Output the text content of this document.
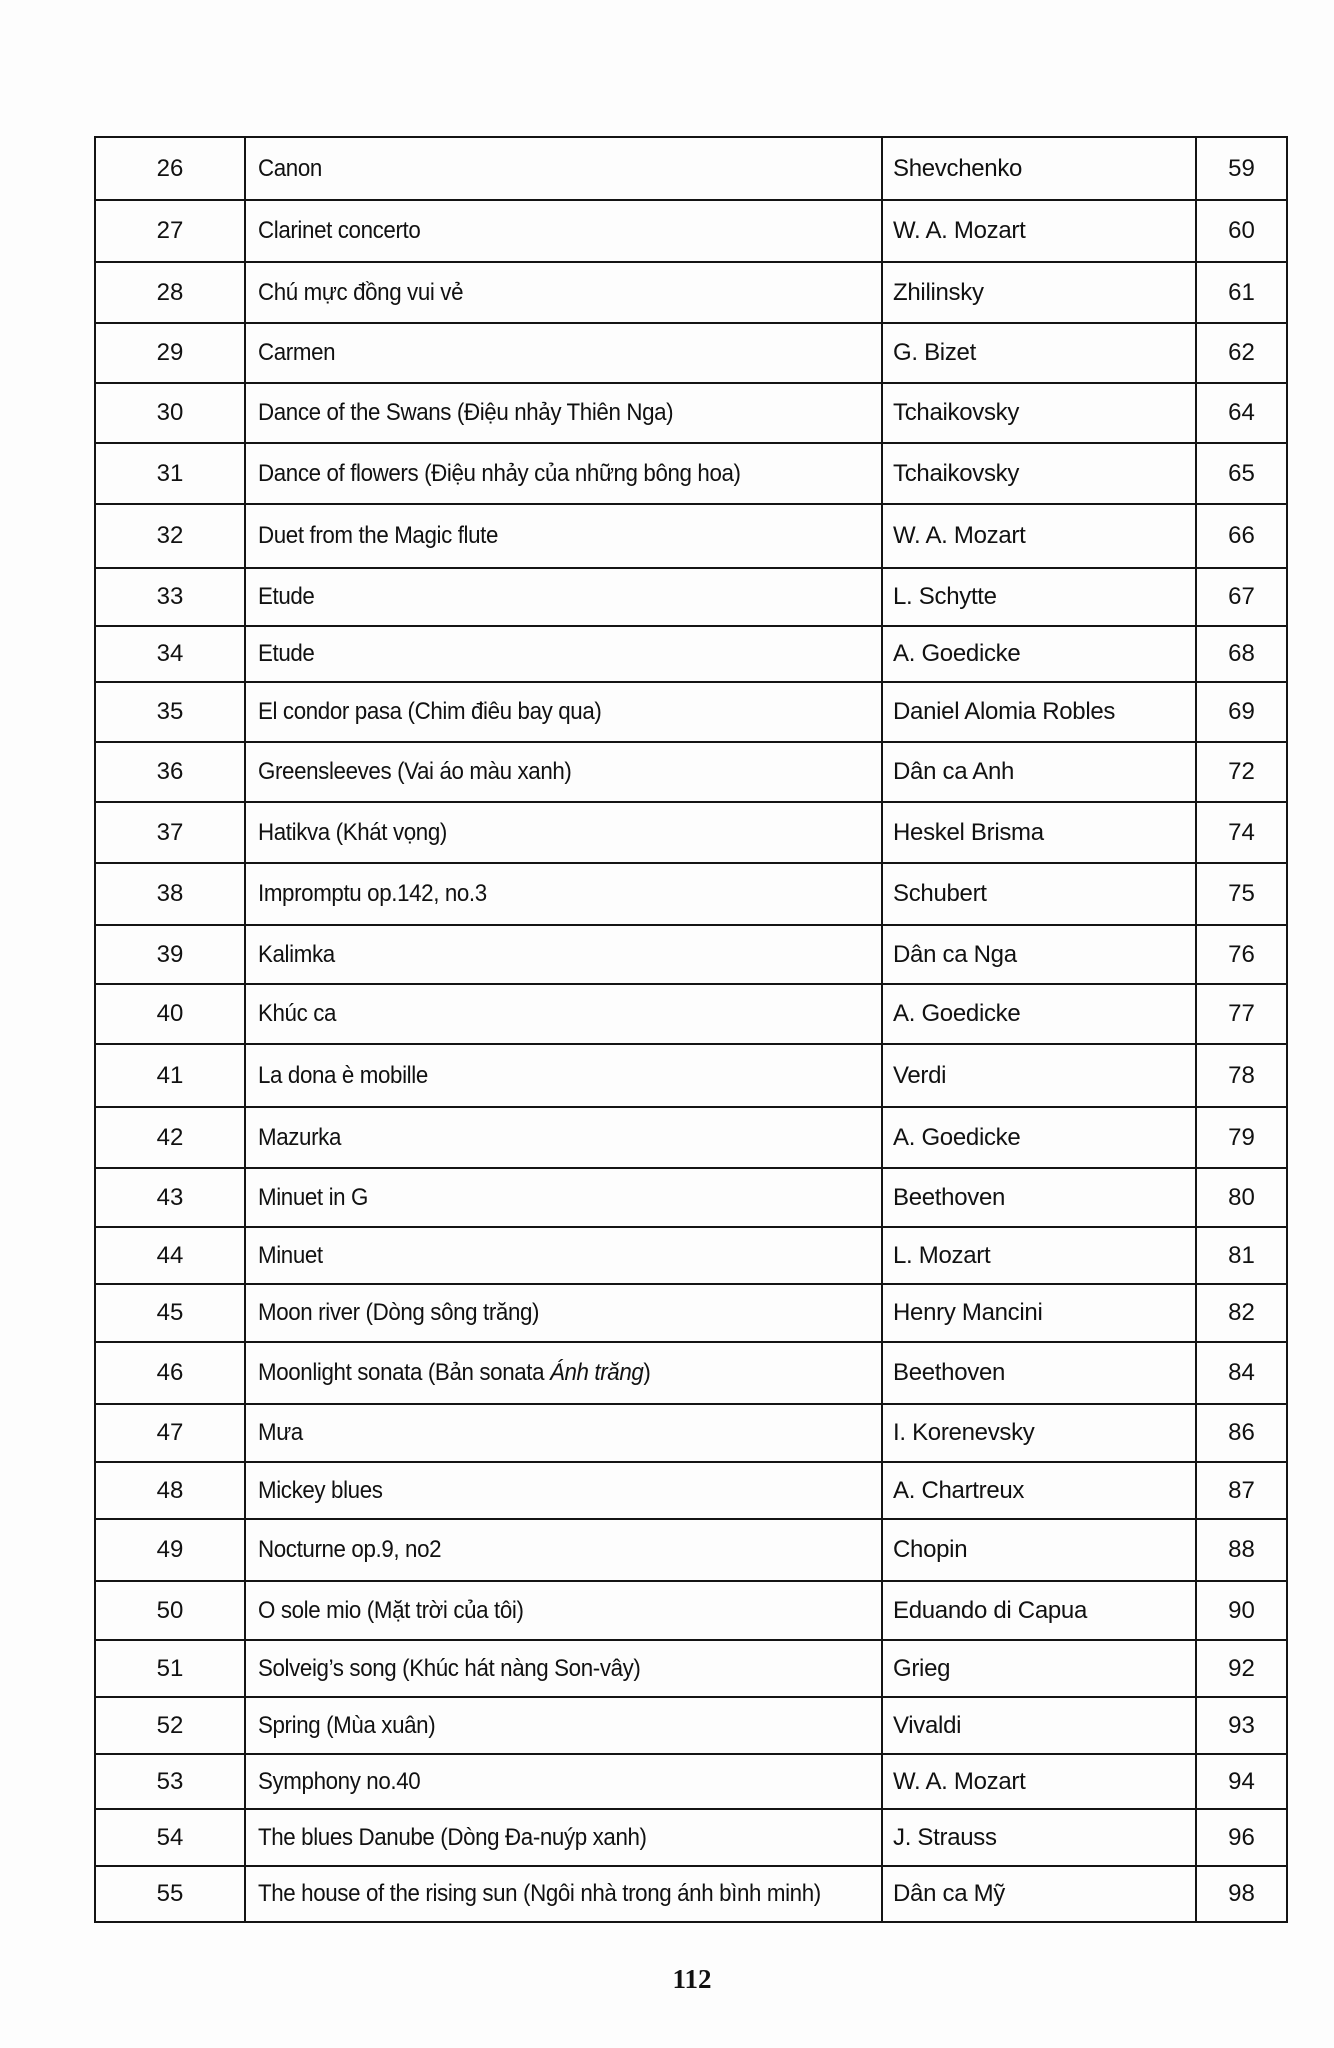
26	Canon	Shevchenko	59
27	Clarinet concerto	W. A. Mozart	60
28	Chú mực đồng vui vẻ	Zhilinsky	61
29	Carmen	G. Bizet	62
30	Dance of the Swans (Điệu nhảy Thiên Nga)	Tchaikovsky	64
31	Dance of flowers (Điệu nhảy của những bông hoa)	Tchaikovsky	65
32	Duet from the Magic flute	W. A. Mozart	66
33	Etude	L. Schytte	67
34	Etude	A. Goedicke	68
35	El condor pasa (Chim điêu bay qua)	Daniel Alomia Robles	69
36	Greensleeves (Vai áo màu xanh)	Dân ca Anh	72
37	Hatikva (Khát vọng)	Heskel Brisma	74
38	Impromptu op.142, no.3	Schubert	75
39	Kalimka	Dân ca Nga	76
40	Khúc ca	A. Goedicke	77
41	La dona è mobille	Verdi	78
42	Mazurka	A. Goedicke	79
43	Minuet in G	Beethoven	80
44	Minuet	L. Mozart	81
45	Moon river (Dòng sông trăng)	Henry Mancini	82
46	Moonlight sonata (Bản sonata Ánh trăng)	Beethoven	84
47	Mưa	I. Korenevsky	86
48	Mickey blues	A. Chartreux	87
49	Nocturne op.9, no2	Chopin	88
50	O sole mio (Mặt trời của tôi)	Eduando di Capua	90
51	Solveig’s song (Khúc hát nàng Son-vây)	Grieg	92
52	Spring (Mùa xuân)	Vivaldi	93
53	Symphony no.40	W. A. Mozart	94
54	The blues Danube (Dòng Đa-nuýp xanh)	J. Strauss	96
55	The house of the rising sun (Ngôi nhà trong ánh bình minh)	Dân ca Mỹ	98
112
